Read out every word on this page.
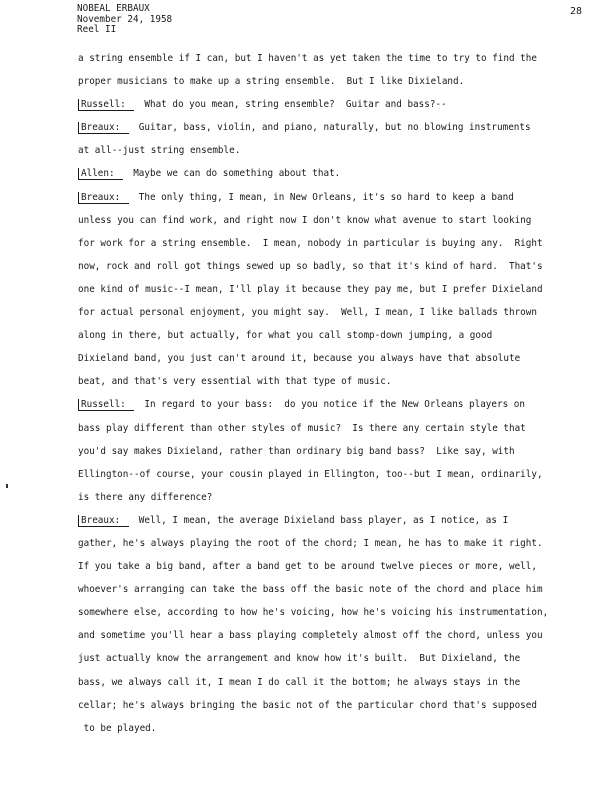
NOBEAL ERBAUX
November 24, 1958
Reel II
28
a string ensemble if I can, but I haven't as yet taken the time to try to find the
proper musicians to make up a string ensemble.  But I like Dixieland.
Russell: What do you mean, string ensemble?  Guitar and bass?--
Breaux: Guitar, bass, violin, and piano, naturally, but no blowing instruments
at all--just string ensemble.
Allen: Maybe we can do something about that.
Breaux: The only thing, I mean, in New Orleans, it's so hard to keep a band
unless you can find work, and right now I don't know what avenue to start looking
for work for a string ensemble.  I mean, nobody in particular is buying any.  Right
now, rock and roll got things sewed up so badly, so that it's kind of hard.  That's
one kind of music--I mean, I'll play it because they pay me, but I prefer Dixieland
for actual personal enjoyment, you might say.  Well, I mean, I like ballads thrown
along in there, but actually, for what you call stomp-down jumping, a good
Dixieland band, you just can't around it, because you always have that absolute
beat, and that's very essential with that type of music.
Russell: In regard to your bass:  do you notice if the New Orleans players on
bass play different than other styles of music?  Is there any certain style that
you'd say makes Dixieland, rather than ordinary big band bass?  Like say, with
Ellington--of course, your cousin played in Ellington, too--but I mean, ordinarily,
is there any difference?
Breaux: Well, I mean, the average Dixieland bass player, as I notice, as I
gather, he's always playing the root of the chord; I mean, he has to make it right.
If you take a big band, after a band get to be around twelve pieces or more, well,
whoever's arranging can take the bass off the basic note of the chord and place him
somewhere else, according to how he's voicing, how he's voicing his instrumentation,
and sometime you'll hear a bass playing completely almost off the chord, unless you
just actually know the arrangement and know how it's built.  But Dixieland, the
bass, we always call it, I mean I do call it the bottom; he always stays in the
cellar; he's always bringing the basic not of the particular chord that's supposed
to be played.
